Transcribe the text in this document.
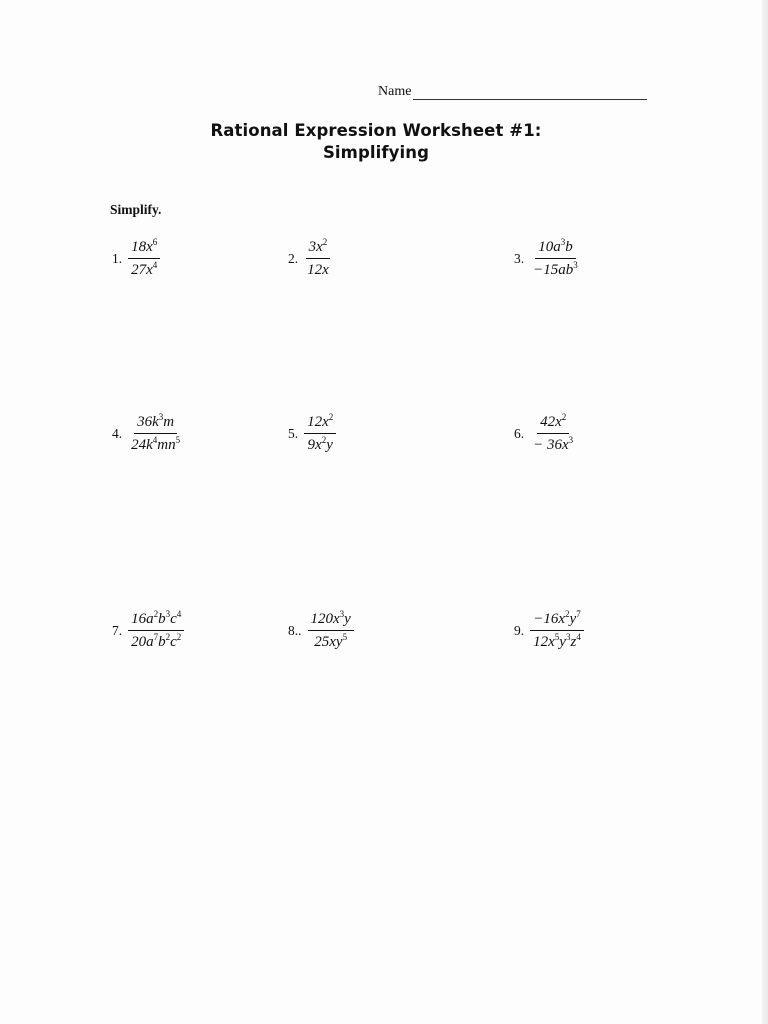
Name
Rational Expression Worksheet #1:
Simplifying
Simplify.
1. $\frac{18x^6}{27x^4}$	2. $\frac{3x^2}{12x}$	3. $\frac{10a^3b}{-15ab^3}$
4. $\frac{36k^3m}{24k^4mn^5}$	5. $\frac{12x^2}{9x^2y}$	6. $\frac{42x^2}{- 36x^3}$
7. $\frac{16a^2b^3c^4}{20a^7b^2c^2}$	8.. $\frac{120x^3y}{25xy^5}$	9. $\frac{-16x^2y^7}{12x^5y^3z^4}$
